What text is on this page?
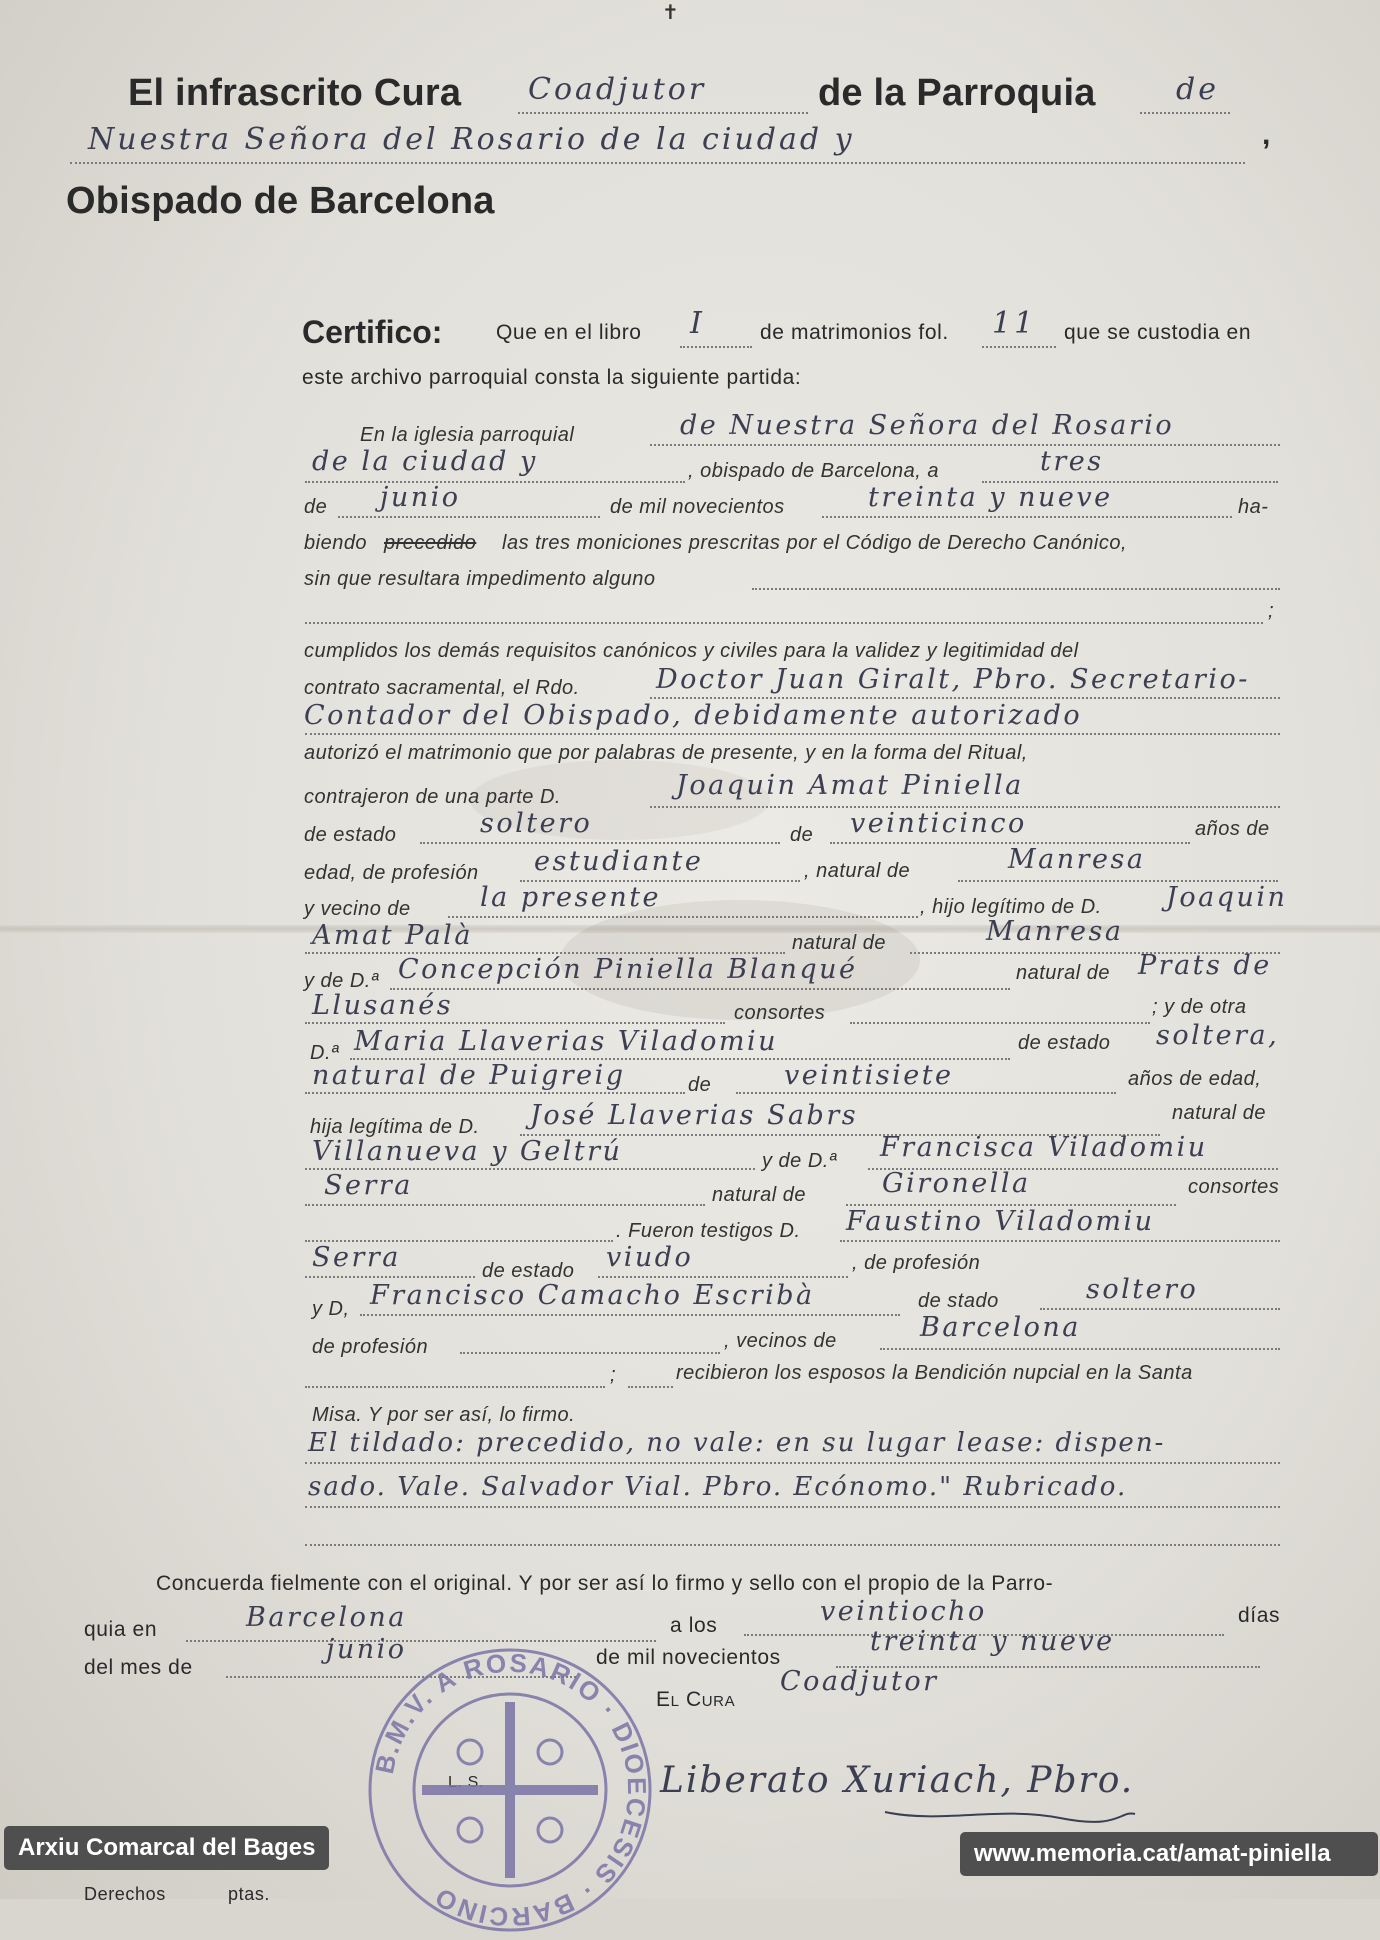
✝
El infrascrito Cura Coadjutor	de la Parroquia	de
Nuestra Señora del Rosario de la ciudad y	,
Obispado de Barcelona
Certifico:	Que en el libro I	de matrimonios fol. 11 que se custodia en
este archivo parroquial consta la siguiente partida:
En la iglesia parroquial	de Nuestra Señora del Rosario
de la ciudad y	, obispado de Barcelona, a	tres
de junio	de mil novecientos	treinta y nueve	ha-
biendo precedido las tres moniciones prescritas por el Código de Derecho Canónico,
sin que resultara impedimento alguno
;
cumplidos los demás requisitos canónicos y civiles para la validez y legitimidad del
contrato sacramental, el Rdo.	Doctor Juan Giralt, Pbro. Secretario-
Contador del Obispado, debidamente autorizado
autorizó el matrimonio que por palabras de presente, y en la forma del Ritual,
contrajeron de una parte D.	Joaquin Amat Piniella
de estado	soltero	de veinticinco	años de
edad, de profesión estudiante	, natural de	Manresa
y vecino de	la presente	, hijo legítimo de D. Joaquin
Amat Palà	natural de	Manresa
y de D.ª Concepción Piniella Blanqué	natural de Prats de
Llusanés	consortes	; y de otra
D.ª Maria Llaverias Viladomiu	de estado soltera,
natural de Puigreig	de	veintisiete	años de edad,
hija legítima de D. José Llaverias Sabrs	natural de
Villanueva y Geltrú	y de D.ª Francisca Viladomiu
Serra	natural de	Gironella	consortes
. Fueron testigos D. Faustino Viladomiu
Serra	de estado viudo	, de profesión
y D, Francisco Camacho Escribà	de stado	soltero
de profesión	, vecinos de	Barcelona
;	recibieron los esposos la Bendición nupcial en la Santa
Misa. Y por ser así, lo firmo.
El tildado: precedido, no vale: en su lugar lease: dispen-
sado. Vale. Salvador Vial. Pbro. Ecónomo." Rubricado.
Concuerda fielmente con el original. Y por ser así lo firmo y sello con el propio de la Parro-
quia en	Barcelona	a los	veintiocho	días
del mes de
junio	de mil novecientos
treinta y nueve
El Cura
Coadjutor
L. S.
B.M.V. A ROSARIO · DIOECESIS · BARCINO
Liberato Xuriach, Pbro.
Derechos	ptas.
Arxiu Comarcal del Bages	www.memoria.cat/amat-piniella
